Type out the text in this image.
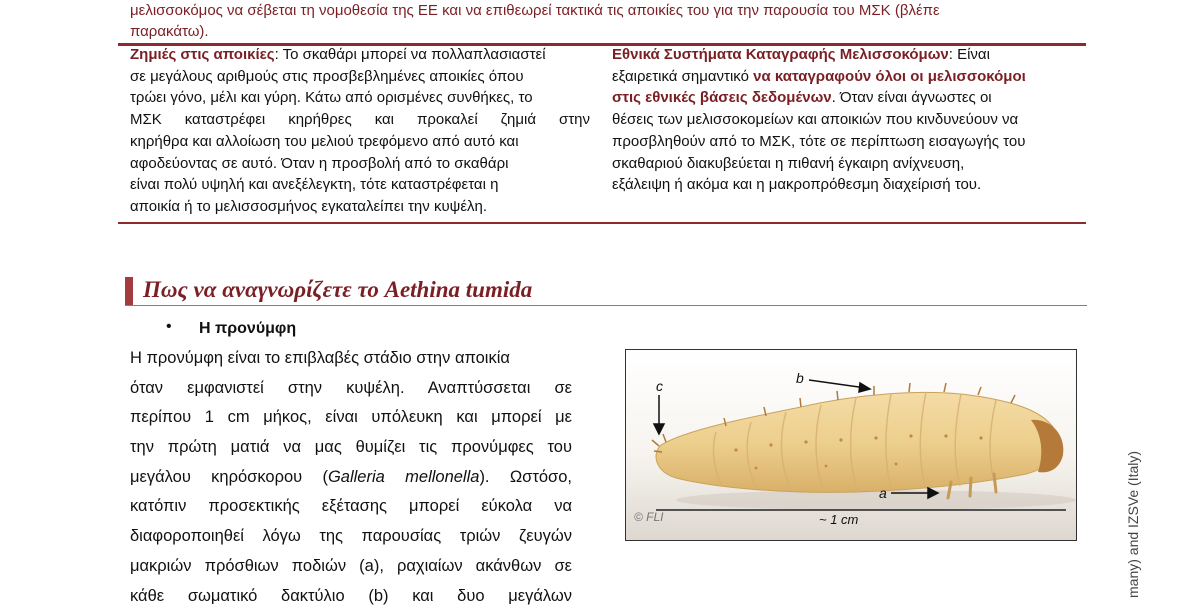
μελισσοκόμος να σέβεται τη νομοθεσία της ΕΕ και να επιθεωρεί τακτικά τις αποικίες του για την παρουσία του ΜΣΚ (βλέπε
παρακάτω).
Ζημιές στις αποικίες: Το σκαθάρι μπορεί να πολλαπλασιαστεί
σε μεγάλους αριθμούς στις προσβεβλημένες αποικίες όπου
τρώει γόνο, μέλι και γύρη. Κάτω από ορισμένες συνθήκες, το
ΜΣΚ καταστρέφει κηρήθρες και προκαλεί ζημιά στην
κηρήθρα και αλλοίωση του μελιού τρεφόμενο από αυτό και
αφοδεύοντας σε αυτό. Όταν η προσβολή από το σκαθάρι
είναι πολύ υψηλή και ανεξέλεγκτη, τότε καταστρέφεται η
αποικία ή το μελισσοσμήνος εγκαταλείπει την κυψέλη.
Εθνικά Συστήματα Καταγραφής Μελισσοκόμων: Είναι
εξαιρετικά σημαντικό να καταγραφούν όλοι οι μελισσοκόμοι
στις εθνικές βάσεις δεδομένων. Όταν είναι άγνωστες οι
θέσεις των μελισσοκομείων και αποικιών που κινδυνεύουν να
προσβληθούν από το ΜΣΚ, τότε σε περίπτωση εισαγωγής του
σκαθαριού διακυβεύεται η πιθανή έγκαιρη ανίχνευση,
εξάλειψη ή ακόμα και η μακροπρόθεσμη διαχείρισή του.
Πως να αναγνωρίζετε το Aethina tumida
• Η προνύμφη
Η προνύμφη είναι το επιβλαβές στάδιο στην αποικία
όταν εμφανιστεί στην κυψέλη. Αναπτύσσεται σε
περίπου 1 cm μήκος, είναι υπόλευκη και μπορεί με
την πρώτη ματιά να μας θυμίζει τις προνύμφες του
μεγάλου κηρόσκορου (Galleria mellonella). Ωστόσο,
κατόπιν προσεκτικής εξέτασης μπορεί εύκολα να
διαφοροποιηθεί λόγω της παρουσίας τριών ζευγών
μακριών πρόσθιων ποδιών (a), ραχιαίων ακάνθων σε
κάθε σωματικό δακτύλιο (b) και δυο μεγάλων
c	b
a
~ 1 cm
© FLI	many) and IZSVe (Italy)
